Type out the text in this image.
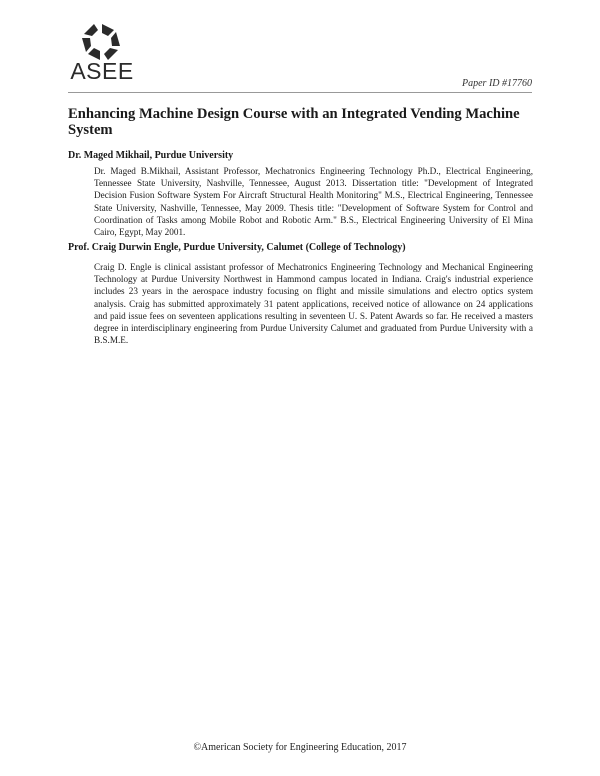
ASEE	Paper ID #17760
Enhancing Machine Design Course with an Integrated Vending Machine System

Dr. Maged Mikhail, Purdue University

Dr. Maged B.Mikhail, Assistant Professor, Mechatronics Engineering Technology Ph.D., Electrical Engineering, Tennessee State University, Nashville, Tennessee, August 2013. Dissertation title: "Development of Integrated Decision Fusion Software System For Aircraft Structural Health Monitoring" M.S., Electrical Engineering, Tennessee State University, Nashville, Tennessee, May 2009. Thesis title: "Development of Software System for Control and Coordination of Tasks among Mobile Robot and Robotic Arm." B.S., Electrical Engineering University of El Mina Cairo, Egypt, May 2001.

Prof. Craig Durwin Engle, Purdue University, Calumet (College of Technology)

Craig D. Engle is clinical assistant professor of Mechatronics Engineering Technology and Mechanical Engineering Technology at Purdue University Northwest in Hammond campus located in Indiana. Craig's industrial experience includes 23 years in the aerospace industry focusing on flight and missile simulations and electro optics system analysis. Craig has submitted approximately 31 patent applications, received notice of allowance on 24 applications and paid issue fees on seventeen applications resulting in seventeen U. S. Patent Awards so far. He received a masters degree in interdisciplinary engineering from Purdue University Calumet and graduated from Purdue University with a B.S.M.E.

©American Society for Engineering Education, 2017
